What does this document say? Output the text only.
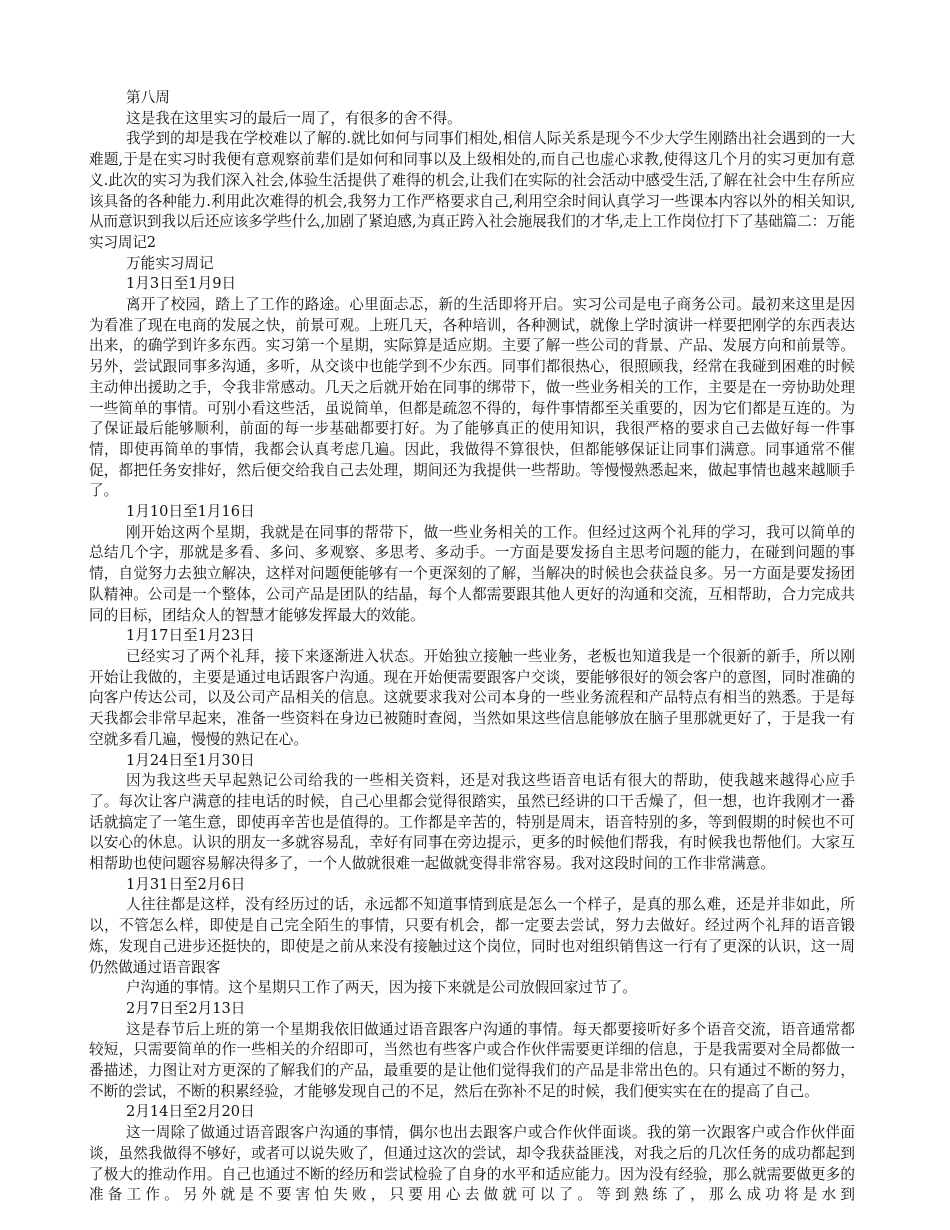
第八周

这是我在这里实习的最后一周了，有很多的舍不得。

我学到的却是我在学校难以了解的.就比如何与同事们相处,相信人际关系是现今不少大学生刚踏出社会遇到的一大难题,于是在实习时我便有意观察前辈们是如何和同事以及上级相处的,而自己也虚心求教,使得这几个月的实习更加有意义.此次的实习为我们深入社会,体验生活提供了难得的机会,让我们在实际的社会活动中感受生活,了解在社会中生存所应该具备的各种能力.利用此次难得的机会,我努力工作严格要求自己,利用空余时间认真学习一些课本内容以外的相关知识,从而意识到我以后还应该多学些什么,加剧了紧迫感,为真正跨入社会施展我们的才华,走上工作岗位打下了基础篇二：万能实习周记2

万能实习周记

1月3日至1月9日

离开了校园，踏上了工作的路途。心里面忐忑，新的生活即将开启。实习公司是电子商务公司。最初来这里是因为看准了现在电商的发展之快，前景可观。上班几天，各种培训，各种测试，就像上学时演讲一样要把刚学的东西表达出来，的确学到许多东西。实习第一个星期，实际算是适应期。主要了解一些公司的背景、产品、发展方向和前景等。另外，尝试跟同事多沟通，多听，从交谈中也能学到不少东西。同事们都很热心，很照顾我，经常在我碰到困难的时候主动伸出援助之手，令我非常感动。几天之后就开始在同事的绑带下，做一些业务相关的工作，主要是在一旁协助处理一些简单的事情。可别小看这些活，虽说简单，但都是疏忽不得的，每件事情都至关重要的，因为它们都是互连的。为了保证最后能够顺利，前面的每一步基础都要打好。为了能够真正的使用知识，我很严格的要求自己去做好每一件事情，即使再简单的事情，我都会认真考虑几遍。因此，我做得不算很快，但都能够保证让同事们满意。同事通常不催促，都把任务安排好，然后便交给我自己去处理，期间还为我提供一些帮助。等慢慢熟悉起来，做起事情也越来越顺手了。

1月10日至1月16日

刚开始这两个星期，我就是在同事的帮带下，做一些业务相关的工作。但经过这两个礼拜的学习，我可以简单的总结几个字，那就是多看、多问、多观察、多思考、多动手。一方面是要发扬自主思考问题的能力，在碰到问题的事情，自觉努力去独立解决，这样对问题便能够有一个更深刻的了解，当解决的时候也会获益良多。另一方面是要发扬团队精神。公司是一个整体，公司产品是团队的结晶，每个人都需要跟其他人更好的沟通和交流，互相帮助，合力完成共同的目标，团结众人的智慧才能够发挥最大的效能。

1月17日至1月23日

已经实习了两个礼拜，接下来逐渐进入状态。开始独立接触一些业务，老板也知道我是一个很新的新手，所以刚开始让我做的，主要是通过电话跟客户沟通。现在开始便需要跟客户交谈，要能够很好的领会客户的意图，同时准确的向客户传达公司，以及公司产品相关的信息。这就要求我对公司本身的一些业务流程和产品特点有相当的熟悉。于是每天我都会非常早起来，准备一些资料在身边已被随时查阅，当然如果这些信息能够放在脑子里那就更好了，于是我一有空就多看几遍，慢慢的熟记在心。

1月24日至1月30日

因为我这些天早起熟记公司给我的一些相关资料，还是对我这些语音电话有很大的帮助，使我越来越得心应手了。每次让客户满意的挂电话的时候，自己心里都会觉得很踏实，虽然已经讲的口干舌燥了，但一想，也许我刚才一番话就搞定了一笔生意，即使再辛苦也是值得的。工作都是辛苦的，特别是周末，语音特别的多，等到假期的时候也不可以安心的休息。认识的朋友一多就容易乱，幸好有同事在旁边提示，更多的时候他们帮我，有时候我也帮他们。大家互相帮助也使问题容易解决得多了，一个人做就很难一起做就变得非常容易。我对这段时间的工作非常满意。

1月31日至2月6日

人往往都是这样，没有经历过的话，永远都不知道事情到底是怎么一个样子，是真的那么难，还是并非如此，所以，不管怎么样，即使是自己完全陌生的事情，只要有机会，都一定要去尝试，努力去做好。经过两个礼拜的语音锻炼，发现自己进步还挺快的，即使是之前从来没有接触过这个岗位，同时也对组织销售这一行有了更深的认识，这一周仍然做通过语音跟客

户沟通的事情。这个星期只工作了两天，因为接下来就是公司放假回家过节了。

2月7日至2月13日

这是春节后上班的第一个星期我依旧做通过语音跟客户沟通的事情。每天都要接听好多个语音交流，语音通常都较短，只需要简单的作一些相关的介绍即可，当然也有些客户或合作伙伴需要更详细的信息，于是我需要对全局都做一番描述，力图让对方更深的了解我们的产品，最重要的是让他们觉得我们的产品是非常出色的。只有通过不断的努力，不断的尝试，不断的积累经验，才能够发现自己的不足，然后在弥补不足的时候，我们便实实在在的提高了自己。

2月14日至2月20日

这一周除了做通过语音跟客户沟通的事情，偶尔也出去跟客户或合作伙伴面谈。我的第一次跟客户或合作伙伴面谈，虽然我做得不够好，或者可以说失败了，但通过这次的尝试，却令我获益匪浅，对我之后的几次任务的成功都起到了极大的推动作用。自己也通过不断的经历和尝试检验了自身的水平和适应能力。因为没有经验，那么就需要做更多的准备工作。另外就是不要害怕失败，只要用心去做就可以了。等到熟练了，那么成功将是水到
